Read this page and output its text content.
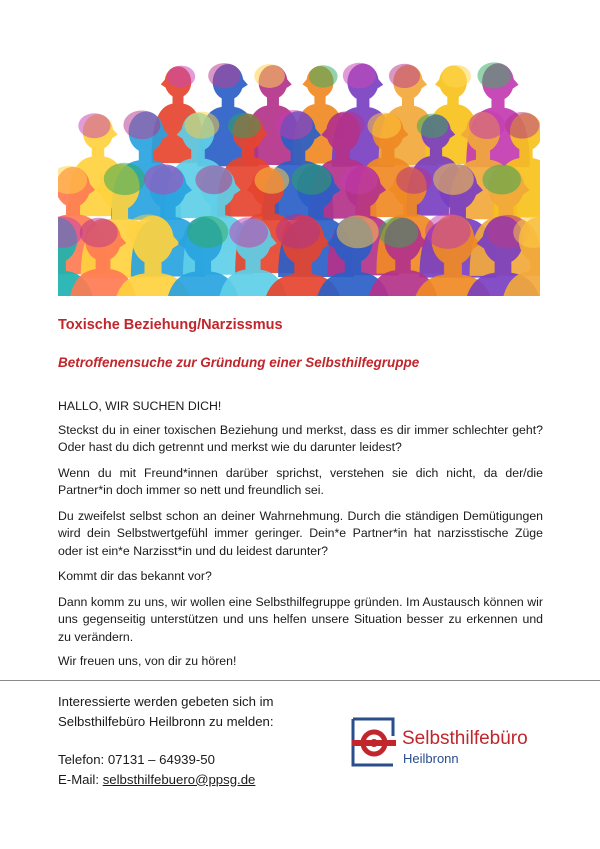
Toxische Beziehung/Narzissmus
Betroffenensuche zur Gründung einer Selbsthilfegruppe

HALLO, WIR SUCHEN DICH!

Steckst du in einer toxischen Beziehung und merkst, dass es dir immer schlechter geht? Oder hast du dich getrennt und merkst wie du darunter leidest?

Wenn du mit Freund*innen darüber sprichst, verstehen sie dich nicht, da der/die Partner*in doch immer so nett und freundlich sei.

Du zweifelst selbst schon an deiner Wahrnehmung. Durch die ständigen Demütigungen wird dein Selbstwertgefühl immer geringer. Dein*e Partner*in hat narzisstische Züge oder ist ein*e Narzisst*in und du leidest darunter?

Kommt dir das bekannt vor?

Dann komm zu uns, wir wollen eine Selbsthilfegruppe gründen. Im Austausch können wir uns gegenseitig unterstützen und uns helfen unsere Situation besser zu erkennen und zu verändern.

Wir freuen uns, von dir zu hören!

Interessierte werden gebeten sich im

Selbsthilfebüro Heilbronn zu melden:

Telefon: 07131 – 64939-50

E-Mail: selbsthilfebuero@ppsg.de

Selbsthilfebüro
Heilbronn
